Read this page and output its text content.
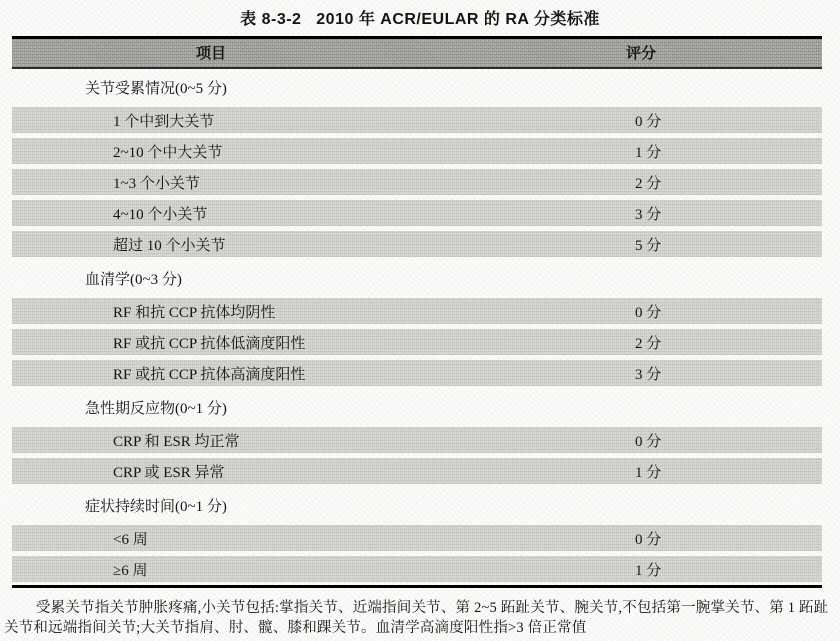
表 8-3-2   2010 年 ACR/EULAR 的 RA 分类标准
项目	评分
关节受累情况(0~5 分)
1 个中到大关节	0 分
2~10 个中大关节	1 分
1~3 个小关节	2 分
4~10 个小关节	3 分
超过 10 个小关节	5 分
血清学(0~3 分)
RF 和抗 CCP 抗体均阴性	0 分
RF 或抗 CCP 抗体低滴度阳性	2 分
RF 或抗 CCP 抗体高滴度阳性	3 分
急性期反应物(0~1 分)
CRP 和 ESR 均正常	0 分
CRP 或 ESR 异常	1 分
症状持续时间(0~1 分)
<6 周	0 分
≥6 周	1 分
受累关节指关节肿胀疼痛,小关节包括:掌指关节、近端指间关节、第 2~5 跖趾关节、腕关节,不包括第一腕掌关节、第 1 跖趾关节和远端指间关节;大关节指肩、肘、髋、膝和踝关节。血清学高滴度阳性指>3 倍正常值
